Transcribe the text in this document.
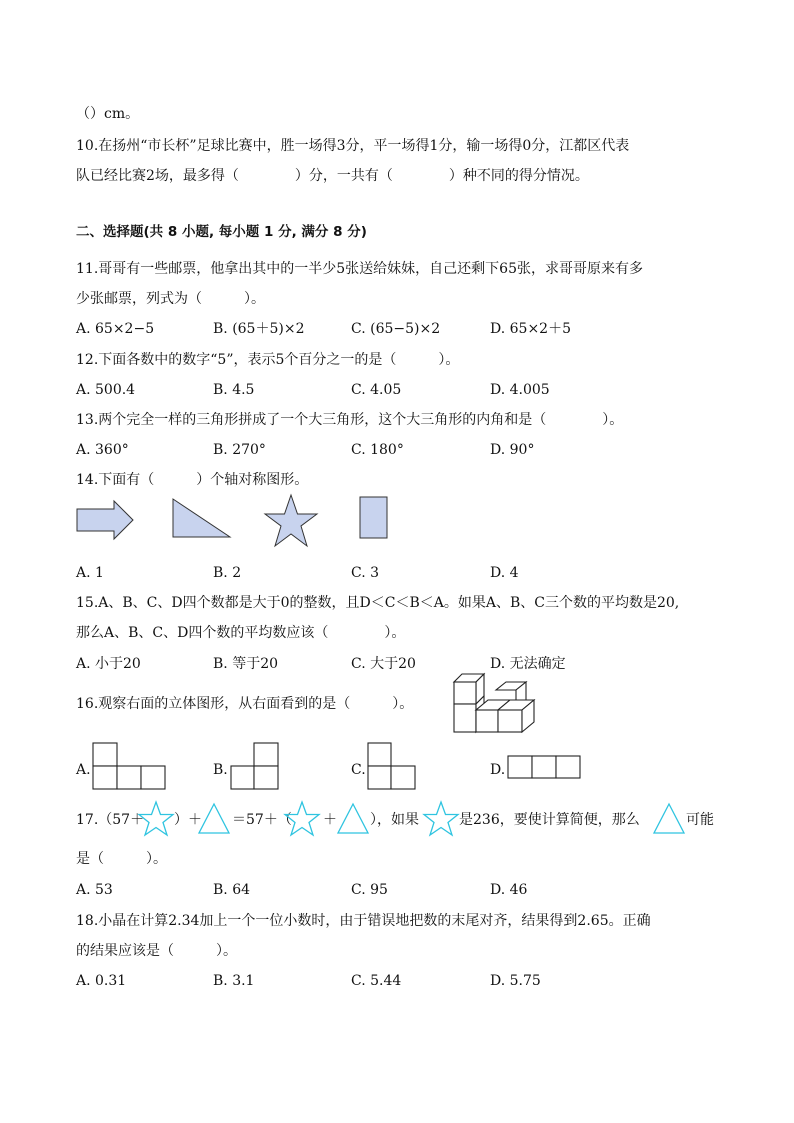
（）cm。
10.在扬州“市长杯”足球比赛中，胜一场得3分，平一场得1分，输一场得0分，江都区代表
队已经比赛2场，最多得（　　　　）分，一共有（　　　　）种不同的得分情况。
二、选择题(共 8 小题, 每小题 1 分, 满分 8 分)
11.哥哥有一些邮票，他拿出其中的一半少5张送给妹妹，自己还剩下65张，求哥哥原来有多
少张邮票，列式为（　　　）。
A. 65×2−5	B. (65＋5)×2	C. (65−5)×2	D. 65×2＋5
12.下面各数中的数字“5”，表示5个百分之一的是（　　　）。
A. 500.4	B. 4.5	C. 4.05	D. 4.005
13.两个完全一样的三角形拼成了一个大三角形，这个大三角形的内角和是（　　　　）。
A. 360°	B. 270°	C. 180°	D. 90°
14.下面有（　　　）个轴对称图形。
A. 1	B. 2	C. 3	D. 4
15.A、B、C、D四个数都是大于0的整数，且D＜C＜B＜A。如果A、B、C三个数的平均数是20,
那么A、B、C、D四个数的平均数应该（　　　　）。
A. 小于20	B. 等于20	C. 大于20	D. 无法确定
16.观察右面的立体图形，从右面看到的是（　　　）。
A.	B.	C.	D.
17.（57＋ ）＋ ＝57＋（ ＋ ），如果	是236，要使计算简便，那么	可能
是（　　　）。
A. 53	B. 64	C. 95	D. 46
18.小晶在计算2.34加上一个一位小数时，由于错误地把数的末尾对齐，结果得到2.65。正确
的结果应该是（　　　）。
A. 0.31	B. 3.1	C. 5.44	D. 5.75
